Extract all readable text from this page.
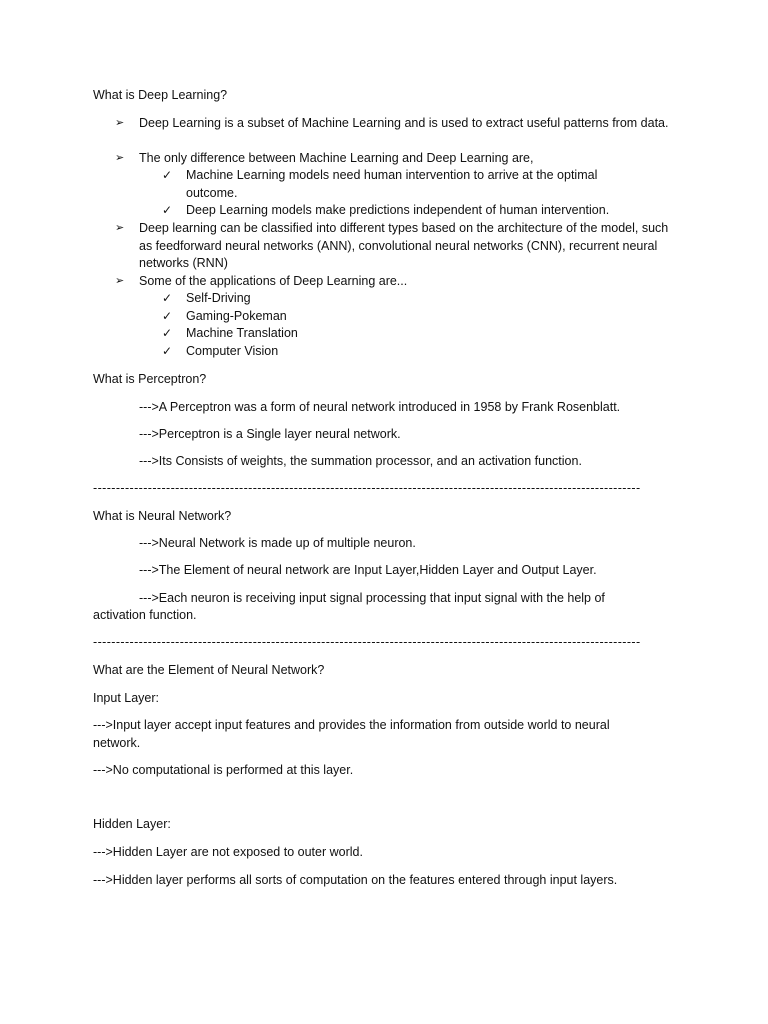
What is Deep Learning?
➢	Deep Learning is a subset of Machine Learning and is used to extract useful patterns from data.
➢	The only difference between Machine Learning and Deep Learning are,
✓	Machine Learning models need human intervention to arrive at the optimal outcome.
✓	Deep Learning models make predictions independent of human intervention.
➢	Deep learning can be classified into different types based on the architecture of the model, such as feedforward neural networks (ANN), convolutional neural networks (CNN), recurrent neural networks (RNN)
➢	Some of the applications of Deep Learning are...
✓	Self-Driving
✓	Gaming-Pokeman
✓	Machine Translation
✓	Computer Vision
What is Perceptron?
--->A Perceptron was a form of neural network introduced in 1958 by Frank Rosenblatt.
--->Perceptron is a Single layer neural network.
--->Its Consists of weights, the summation processor, and an activation function.
------------------------------------------------------------------------------------------------------------------------
What is Neural Network?
--->Neural Network is made up of multiple neuron.
--->The Element of neural network are Input Layer,Hidden Layer and Output Layer.
--->Each neuron is receiving input signal processing that input signal with the help of
activation function.
------------------------------------------------------------------------------------------------------------------------
What are the Element of Neural Network?
Input Layer:
--->Input layer accept input features and provides the information from outside world to neural network.
--->No computational is performed at this layer.
Hidden Layer:
--->Hidden Layer are not exposed to outer world.
--->Hidden layer performs all sorts of computation on the features entered through input layers.
